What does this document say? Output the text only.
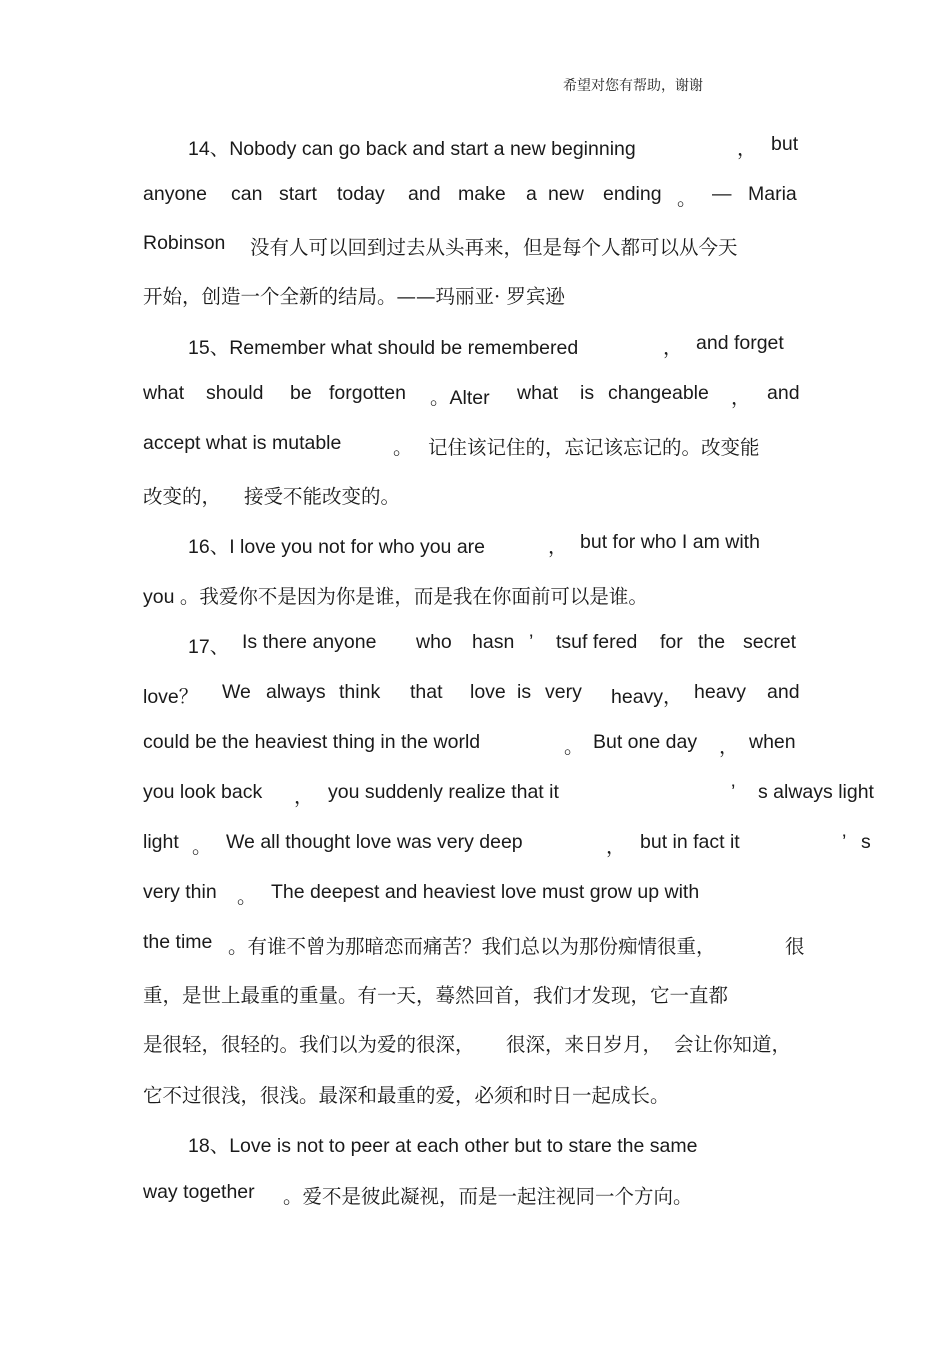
希望对您有帮助，谢谢
14、Nobody can go back and start a new beginning	， but
anyone can start today and make a new ending 。 — Maria
Robinson 没有人可以回到过去从头再来，但是每个人都可以从今天
开始，创造一个全新的结局。——玛丽亚· 罗宾逊
15、Remember what should be remembered	， and forget
what should be forgotten 。Alter what is changeable ， and
accept what is mutable	。 记住该记住的，忘记该忘记的。改变能
改变的， 接受不能改变的。
16、I love you not for who you are	， but for who I am with
you 。我爱你不是因为你是谁，而是我在你面前可以是谁。
17、 Is there anyone who hasn ’ tsuf fered for the secret
love？ We always think that love is very heavy， heavy and
could be the heaviest thing in the world	。 But one day ， when
you look back ， you suddenly realize that it	’ s always light
light 。 We all thought love was very deep	， but in fact it	’ s
very thin 。 The deepest and heaviest love must grow up with
the time 。有谁不曾为那暗恋而痛苦？我们总以为那份痴情很重，	很
重，是世上最重的重量。有一天，蓦然回首，我们才发现，它一直都
是很轻，很轻的。我们以为爱的很深， 很深，来日岁月， 会让你知道，
它不过很浅，很浅。最深和最重的爱，必须和时日一起成长。
18、Love is not to peer at each other but to stare the same
way together 。爱不是彼此凝视，而是一起注视同一个方向。
